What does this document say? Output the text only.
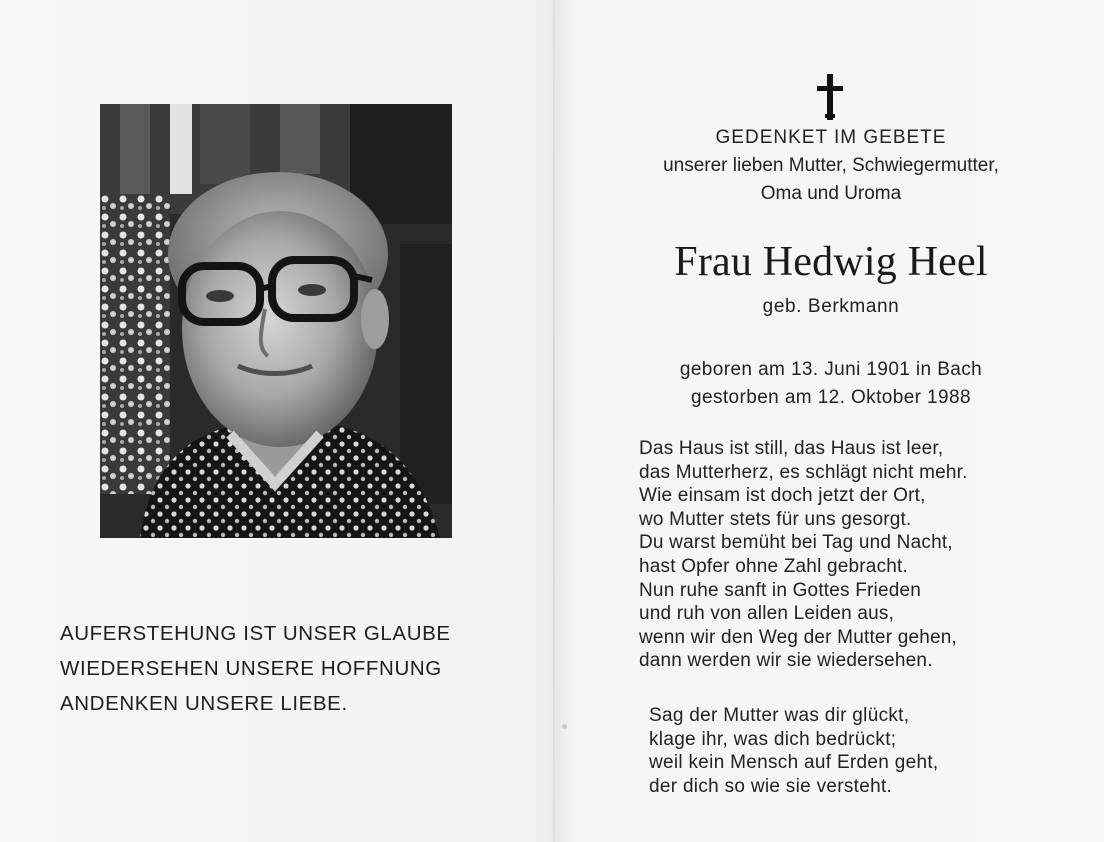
AUFERSTEHUNG IST UNSER GLAUBE
WIEDERSEHEN UNSERE HOFFNUNG
ANDENKEN UNSERE LIEBE.
GEDENKET IM GEBETE
unserer lieben Mutter, Schwiegermutter,
Oma und Uroma
Frau Hedwig Heel
geb. Berkmann
geboren am 13. Juni 1901 in Bach
gestorben am 12. Oktober 1988
Das Haus ist still, das Haus ist leer,
das Mutterherz, es schlägt nicht mehr.
Wie einsam ist doch jetzt der Ort,
wo Mutter stets für uns gesorgt.
Du warst bemüht bei Tag und Nacht,
hast Opfer ohne Zahl gebracht.
Nun ruhe sanft in Gottes Frieden
und ruh von allen Leiden aus,
wenn wir den Weg der Mutter gehen,
dann werden wir sie wiedersehen.
Sag der Mutter was dir glückt,
klage ihr, was dich bedrückt;
weil kein Mensch auf Erden geht,
der dich so wie sie versteht.
